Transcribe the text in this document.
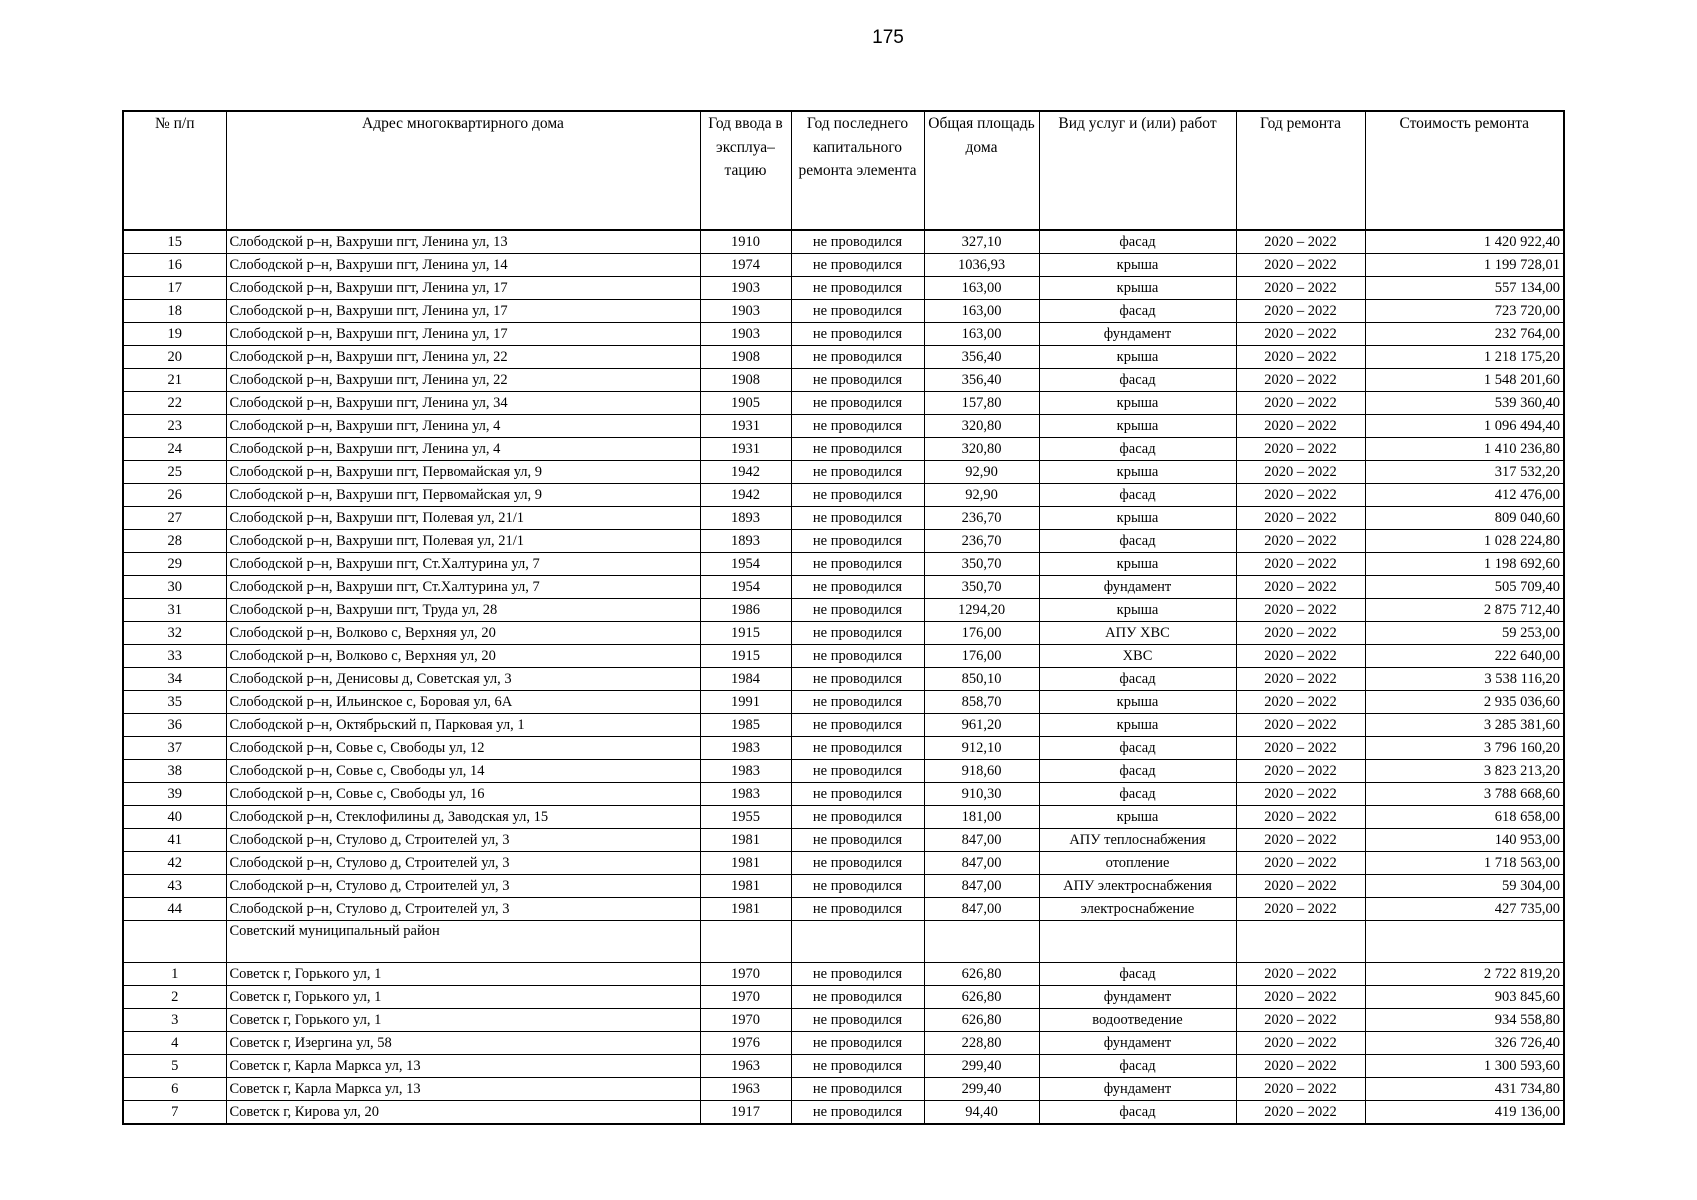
175
№ п/п	Адрес многоквартирного дома	Год ввода в эксплуа–тацию	Год последнего капитального ремонта элемента	Общая площадь дома	Вид услуг и (или) работ	Год ремонта	Стоимость ремонта
15	Слободской р–н, Вахруши пгт, Ленина ул, 13	1910	не проводился	327,10	фасад	2020 – 2022	1 420 922,40
16	Слободской р–н, Вахруши пгт, Ленина ул, 14	1974	не проводился	1036,93	крыша	2020 – 2022	1 199 728,01
17	Слободской р–н, Вахруши пгт, Ленина ул, 17	1903	не проводился	163,00	крыша	2020 – 2022	557 134,00
18	Слободской р–н, Вахруши пгт, Ленина ул, 17	1903	не проводился	163,00	фасад	2020 – 2022	723 720,00
19	Слободской р–н, Вахруши пгт, Ленина ул, 17	1903	не проводился	163,00	фундамент	2020 – 2022	232 764,00
20	Слободской р–н, Вахруши пгт, Ленина ул, 22	1908	не проводился	356,40	крыша	2020 – 2022	1 218 175,20
21	Слободской р–н, Вахруши пгт, Ленина ул, 22	1908	не проводился	356,40	фасад	2020 – 2022	1 548 201,60
22	Слободской р–н, Вахруши пгт, Ленина ул, 34	1905	не проводился	157,80	крыша	2020 – 2022	539 360,40
23	Слободской р–н, Вахруши пгт, Ленина ул, 4	1931	не проводился	320,80	крыша	2020 – 2022	1 096 494,40
24	Слободской р–н, Вахруши пгт, Ленина ул, 4	1931	не проводился	320,80	фасад	2020 – 2022	1 410 236,80
25	Слободской р–н, Вахруши пгт, Первомайская ул, 9	1942	не проводился	92,90	крыша	2020 – 2022	317 532,20
26	Слободской р–н, Вахруши пгт, Первомайская ул, 9	1942	не проводился	92,90	фасад	2020 – 2022	412 476,00
27	Слободской р–н, Вахруши пгт, Полевая ул, 21/1	1893	не проводился	236,70	крыша	2020 – 2022	809 040,60
28	Слободской р–н, Вахруши пгт, Полевая ул, 21/1	1893	не проводился	236,70	фасад	2020 – 2022	1 028 224,80
29	Слободской р–н, Вахруши пгт, Ст.Халтурина ул, 7	1954	не проводился	350,70	крыша	2020 – 2022	1 198 692,60
30	Слободской р–н, Вахруши пгт, Ст.Халтурина ул, 7	1954	не проводился	350,70	фундамент	2020 – 2022	505 709,40
31	Слободской р–н, Вахруши пгт, Труда ул, 28	1986	не проводился	1294,20	крыша	2020 – 2022	2 875 712,40
32	Слободской р–н, Волково с, Верхняя ул, 20	1915	не проводился	176,00	АПУ ХВС	2020 – 2022	59 253,00
33	Слободской р–н, Волково с, Верхняя ул, 20	1915	не проводился	176,00	ХВС	2020 – 2022	222 640,00
34	Слободской р–н, Денисовы д, Советская ул, 3	1984	не проводился	850,10	фасад	2020 – 2022	3 538 116,20
35	Слободской р–н, Ильинское с, Боровая ул, 6А	1991	не проводился	858,70	крыша	2020 – 2022	2 935 036,60
36	Слободской р–н, Октябрьский п, Парковая ул, 1	1985	не проводился	961,20	крыша	2020 – 2022	3 285 381,60
37	Слободской р–н, Совье с, Свободы ул, 12	1983	не проводился	912,10	фасад	2020 – 2022	3 796 160,20
38	Слободской р–н, Совье с, Свободы ул, 14	1983	не проводился	918,60	фасад	2020 – 2022	3 823 213,20
39	Слободской р–н, Совье с, Свободы ул, 16	1983	не проводился	910,30	фасад	2020 – 2022	3 788 668,60
40	Слободской р–н, Стеклофилины д, Заводская ул, 15	1955	не проводился	181,00	крыша	2020 – 2022	618 658,00
41	Слободской р–н, Стулово д, Строителей ул, 3	1981	не проводился	847,00	АПУ теплоснабжения	2020 – 2022	140 953,00
42	Слободской р–н, Стулово д, Строителей ул, 3	1981	не проводился	847,00	отопление	2020 – 2022	1 718 563,00
43	Слободской р–н, Стулово д, Строителей ул, 3	1981	не проводился	847,00	АПУ электроснабжения	2020 – 2022	59 304,00
44	Слободской р–н, Стулово д, Строителей ул, 3	1981	не проводился	847,00	электроснабжение	2020 – 2022	427 735,00
	Советский муниципальный район						
1	Советск г, Горького ул, 1	1970	не проводился	626,80	фасад	2020 – 2022	2 722 819,20
2	Советск г, Горького ул, 1	1970	не проводился	626,80	фундамент	2020 – 2022	903 845,60
3	Советск г, Горького ул, 1	1970	не проводился	626,80	водоотведение	2020 – 2022	934 558,80
4	Советск г, Изергина ул, 58	1976	не проводился	228,80	фундамент	2020 – 2022	326 726,40
5	Советск г, Карла Маркса ул, 13	1963	не проводился	299,40	фасад	2020 – 2022	1 300 593,60
6	Советск г, Карла Маркса ул, 13	1963	не проводился	299,40	фундамент	2020 – 2022	431 734,80
7	Советск г, Кирова ул, 20	1917	не проводился	94,40	фасад	2020 – 2022	419 136,00
